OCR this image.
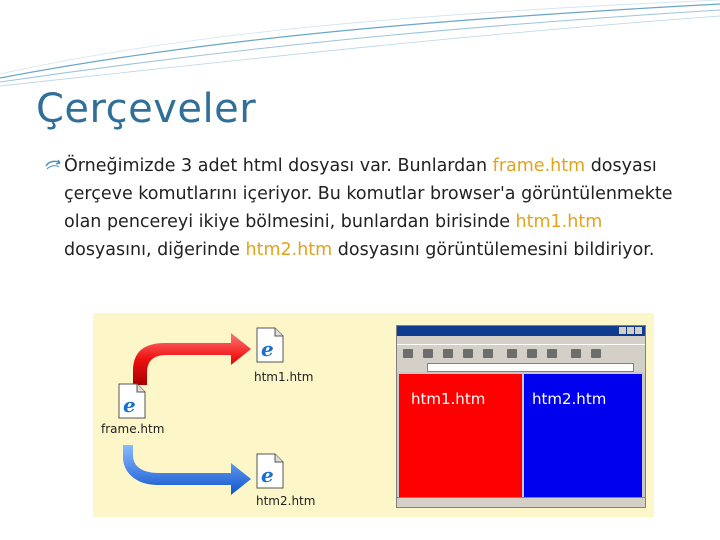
Çerçeveler

Örneğimizde 3 adet html dosyası var. Bunlardan frame.htm dosyası çerçeve komutlarını içeriyor. Bu komutlar browser'a görüntülenmekte olan pencereyi ikiye bölmesini, bunlardan birisinde htm1.htm dosyasını, diğerinde htm2.htm dosyasını görüntülemesini bildiriyor.

e
htm1.htm
e
frame.htm
e
htm2.htm
htm1.htm	htm2.htm
